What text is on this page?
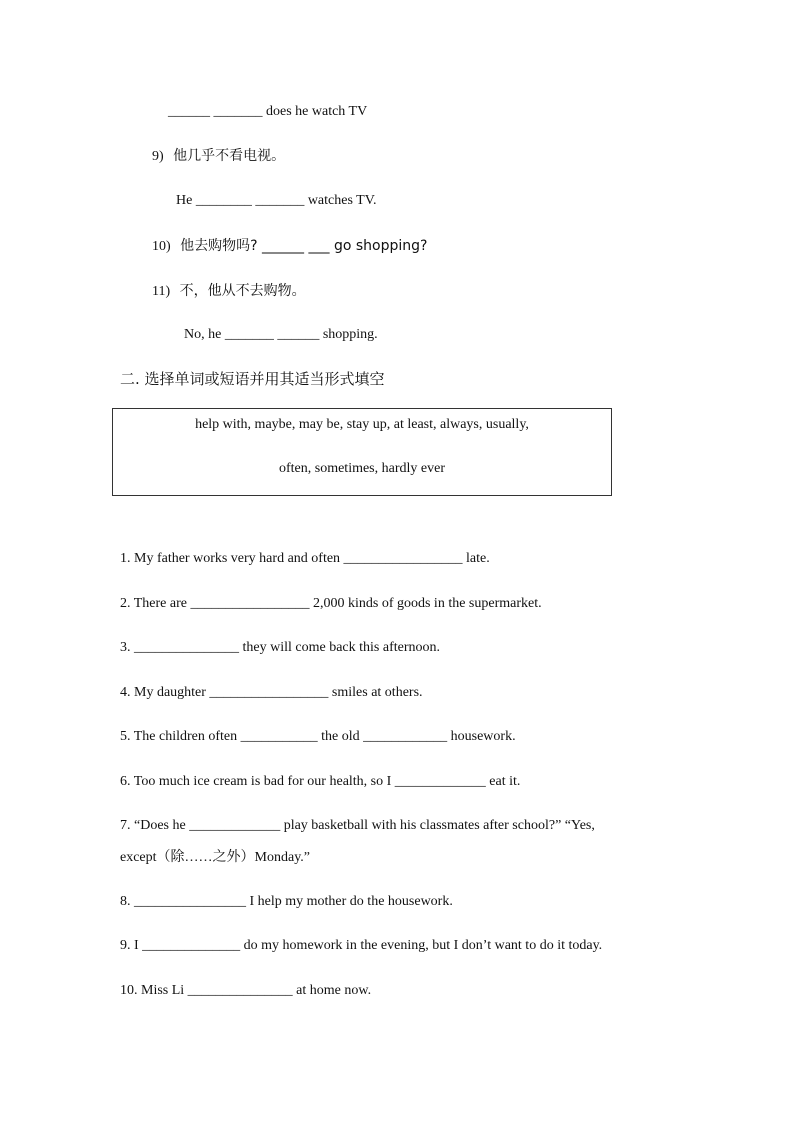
______ _______ does he watch TV
9) 他几乎不看电视。
He ________ _______ watches TV.
10) 他去购物吗? ______ ___ go shopping?
11) 不，他从不去购物。
No, he _______ ______ shopping.
二. 选择单词或短语并用其适当形式填空
help with, maybe, may be, stay up, at least, always, usually,
often, sometimes, hardly ever
1. My father works very hard and often _________________ late.
2. There are _________________ 2,000 kinds of goods in the supermarket.
3. _______________ they will come back this afternoon.
4. My daughter _________________ smiles at others.
5. The children often ___________ the old ____________ housework.
6. Too much ice cream is bad for our health, so I _____________ eat it.
7. “Does he _____________ play basketball with his classmates after school?” “Yes,
except（除……之外）Monday.”
8. ________________ I help my mother do the housework.
9. I ______________ do my homework in the evening, but I don’t want to do it today.
10. Miss Li _______________ at home now.
